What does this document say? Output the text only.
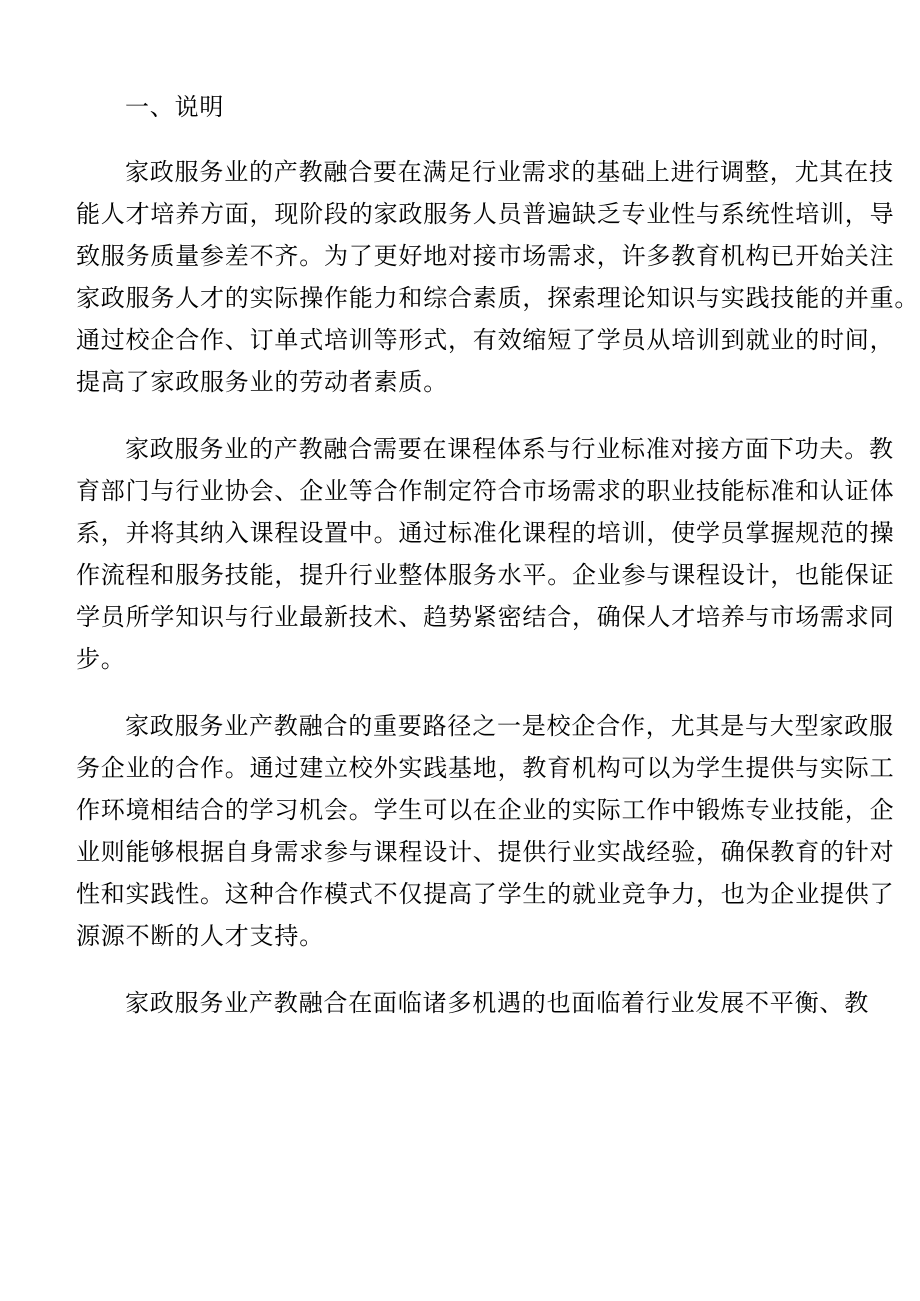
一、说明
家政服务业的产教融合要在满足行业需求的基础上进行调整，尤其在技
能人才培养方面，现阶段的家政服务人员普遍缺乏专业性与系统性培训，导
致服务质量参差不齐。为了更好地对接市场需求，许多教育机构已开始关注
家政服务人才的实际操作能力和综合素质，探索理论知识与实践技能的并重。
通过校企合作、订单式培训等形式，有效缩短了学员从培训到就业的时间，
提高了家政服务业的劳动者素质。
家政服务业的产教融合需要在课程体系与行业标准对接方面下功夫。教
育部门与行业协会、企业等合作制定符合市场需求的职业技能标准和认证体
系，并将其纳入课程设置中。通过标准化课程的培训，使学员掌握规范的操
作流程和服务技能，提升行业整体服务水平。企业参与课程设计，也能保证
学员所学知识与行业最新技术、趋势紧密结合，确保人才培养与市场需求同
步。
家政服务业产教融合的重要路径之一是校企合作，尤其是与大型家政服
务企业的合作。通过建立校外实践基地，教育机构可以为学生提供与实际工
作环境相结合的学习机会。学生可以在企业的实际工作中锻炼专业技能，企
业则能够根据自身需求参与课程设计、提供行业实战经验，确保教育的针对
性和实践性。这种合作模式不仅提高了学生的就业竞争力，也为企业提供了
源源不断的人才支持。
家政服务业产教融合在面临诸多机遇的也面临着行业发展不平衡、教
